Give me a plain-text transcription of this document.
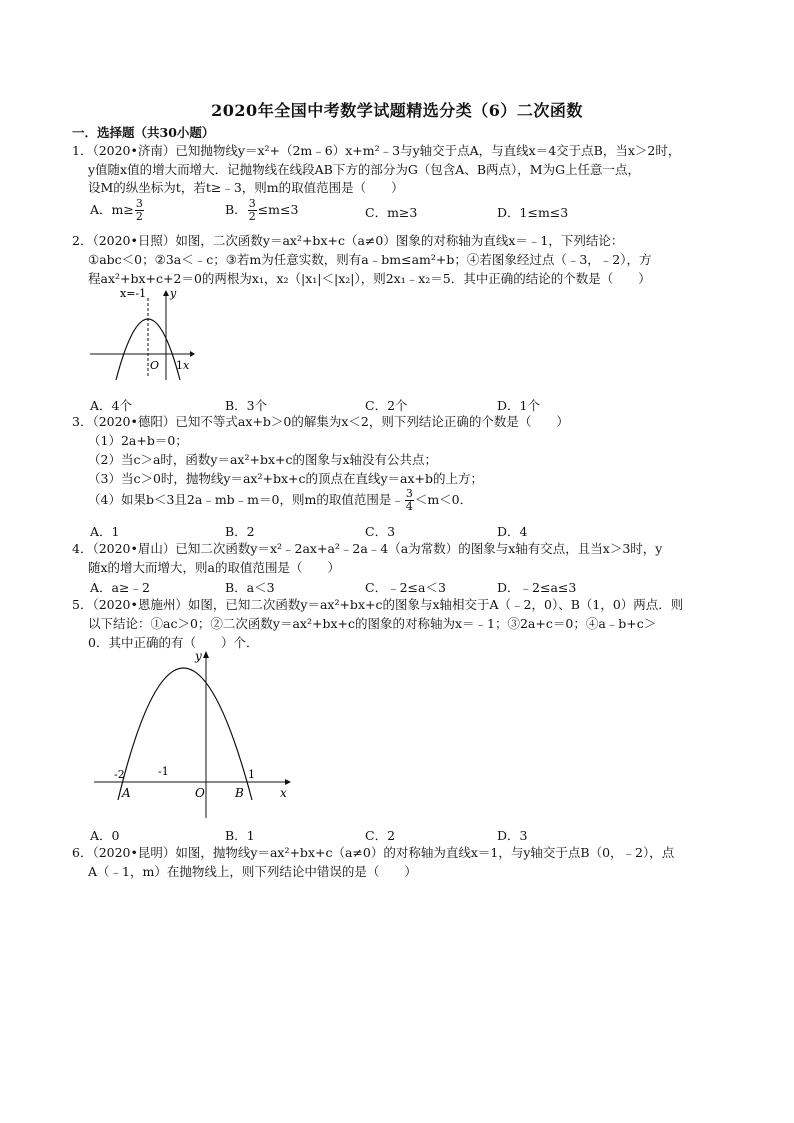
2020年全国中考数学试题精选分类（6）二次函数
一．选择题（共30小题）
1．（2020•济南）已知抛物线y＝x²+（2m﹣6）x+m²﹣3与y轴交于点A，与直线x＝4交于点B，当x＞2时，
y值随x值的增大而增大．记抛物线在线段AB下方的部分为G（包含A、B两点），M为G上任意一点，
设M的纵坐标为t，若t≥﹣3，则m的取值范围是（　　）
A．$m\ge \frac{3}{2}$	B． $\frac{3}{2} \le m\le 3$	C．m≥3	D．1≤m≤3
2．（2020•日照）如图，二次函数y＝ax²+bx+c（a≠0）图象的对称轴为直线x＝﹣1，下列结论：
①abc＜0；②3a＜﹣c；③若m为任意实数，则有a﹣bm≤am²+b；④若图象经过点（﹣3，﹣2），方
程ax²+bx+c+2＝0的两根为x₁，x₂（|x₁|＜|x₂|），则2x₁﹣x₂＝5．其中正确的结论的个数是（　　）
x=-1 y
O 1 x
A．4个	B．3个	C．2个	D．1个
3．（2020•德阳）已知不等式ax+b＞0的解集为x＜2，则下列结论正确的个数是（　　）
（1）2a+b＝0；
（2）当c＞a时，函数y＝ax²+bx+c的图象与x轴没有公共点；
（3）当c＞0时，抛物线y＝ax²+bx+c的顶点在直线y＝ax+b的上方；
（4）如果b＜3且2a﹣mb﹣m＝0，则m的取值范围是﹣ $\frac{3}{4} <m<0$．
A．1	B．2	C．3	D．4
4．（2020•眉山）已知二次函数y＝x²﹣2ax+a²﹣2a﹣4（a为常数）的图象与x轴有交点，且当x＞3时，y
随x的增大而增大，则a的取值范围是（　　）
A．a≥﹣2	B．a＜3	C．﹣2≤a＜3	D．﹣2≤a≤3
5．（2020•恩施州）如图，已知二次函数y＝ax²+bx+c的图象与x轴相交于A（﹣2，0）、B（1，0）两点．则
以下结论：①ac＞0；②二次函数y＝ax²+bx+c的图象的对称轴为x＝﹣1；③2a+c＝0；④a﹣b+c＞
0．其中正确的有（　　）个．
y
-2	-1	1
A	O	B	x
A．0	B．1	C．2	D．3
6．（2020•昆明）如图，抛物线y＝ax²+bx+c（a≠0）的对称轴为直线x＝1，与y轴交于点B（0，﹣2），点
A（﹣1，m）在抛物线上，则下列结论中错误的是（　　）
